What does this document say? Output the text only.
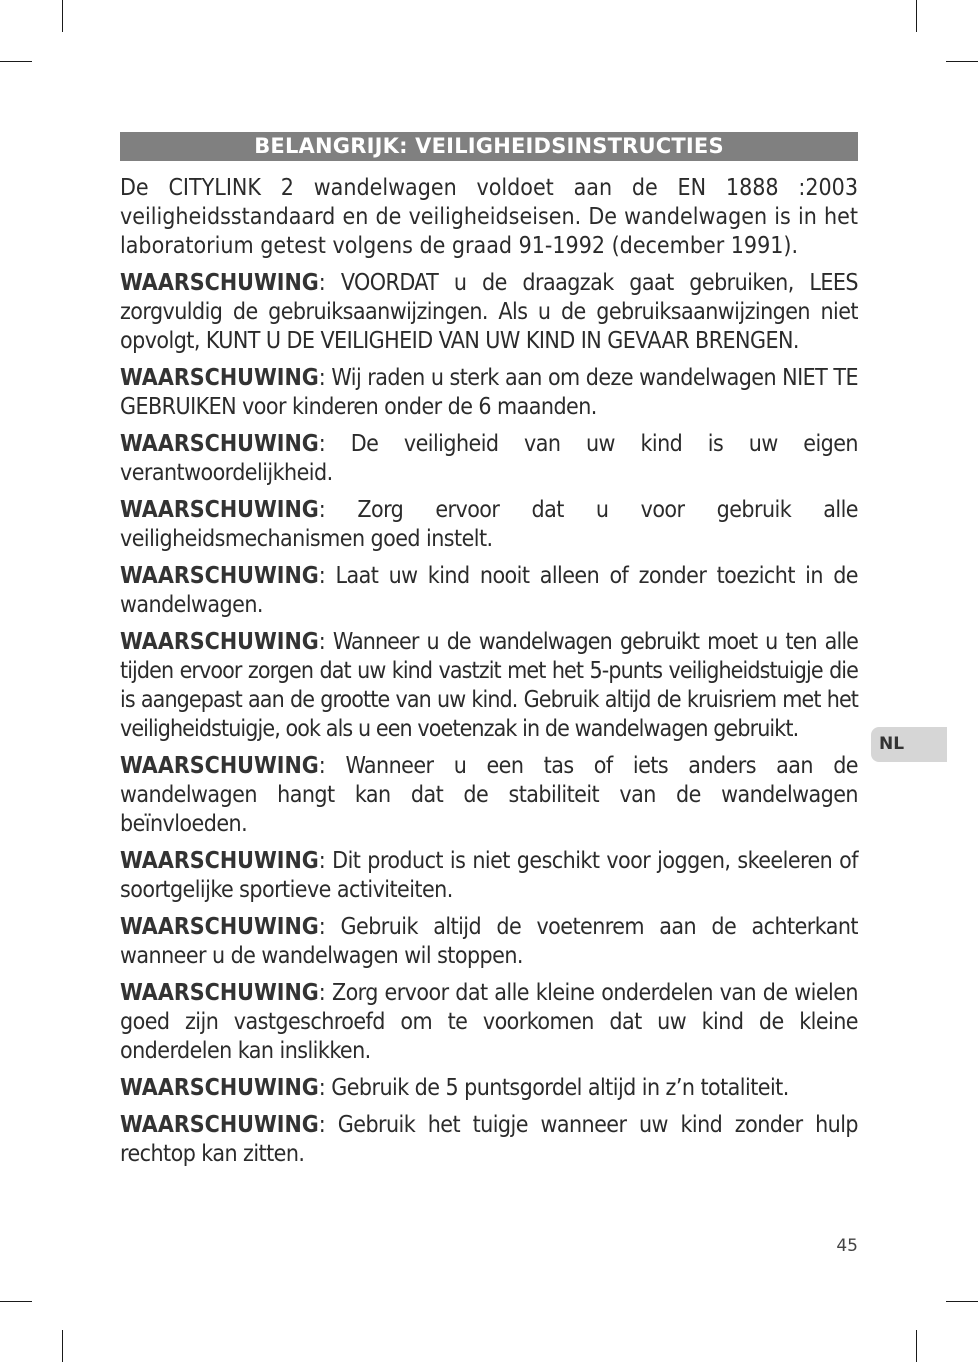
BELANGRIJK: VEILIGHEIDSINSTRUCTIES

De CITYLINK 2 wandelwagen voldoet aan de EN 1888 :2003 veiligheidsstandaard en de veiligheidseisen. De wandelwagen is in het laboratorium getest volgens de graad 91-1992 (december 1991).

WAARSCHUWING: VOORDAT u de draagzak gaat gebruiken, LEES zorgvuldig de gebruiksaanwijzingen. Als u de gebruiksaanwijzingen niet opvolgt, KUNT U DE VEILIGHEID VAN UW KIND IN GEVAAR BRENGEN.

WAARSCHUWING: Wij raden u sterk aan om deze wandelwagen NIET TE GEBRUIKEN voor kinderen onder de 6 maanden.

WAARSCHUWING: De veiligheid van uw kind is uw eigen verantwoordelijkheid.

WAARSCHUWING: Zorg ervoor dat u voor gebruik alle veiligheidsmechanismen goed instelt.

WAARSCHUWING: Laat uw kind nooit alleen of zonder toezicht in de wandelwagen.

WAARSCHUWING: Wanneer u de wandelwagen gebruikt moet u ten alle tijden ervoor zorgen dat uw kind vastzit met het 5-punts veiligheidstuigje die is aangepast aan de grootte van uw kind. Gebruik altijd de kruisriem met het veiligheidstuigje, ook als u een voetenzak in de wandelwagen gebruikt.

WAARSCHUWING: Wanneer u een tas of iets anders aan de wandelwagen hangt kan dat de stabiliteit van de wandelwagen beïnvloeden.

WAARSCHUWING: Dit product is niet geschikt voor joggen, skeeleren of soortgelijke sportieve activiteiten.

WAARSCHUWING: Gebruik altijd de voetenrem aan de achterkant wanneer u de wandelwagen wil stoppen.

WAARSCHUWING: Zorg ervoor dat alle kleine onderdelen van de wielen goed zijn vastgeschroefd om te voorkomen dat uw kind de kleine onderdelen kan inslikken.

WAARSCHUWING: Gebruik de 5 puntsgordel altijd in z’n totaliteit.

WAARSCHUWING: Gebruik het tuigje wanneer uw kind zonder hulp rechtop kan zitten.

NL
45
